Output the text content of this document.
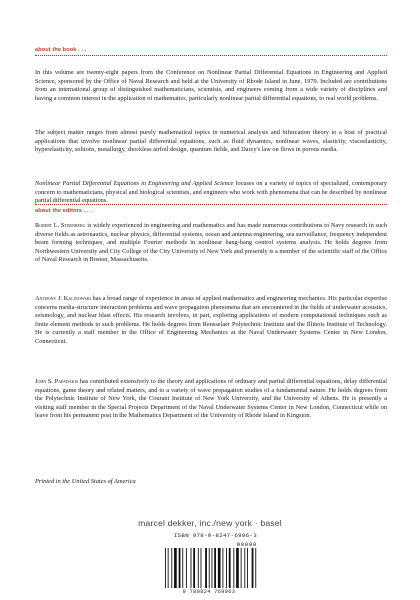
about the book . . .

In this volume are twenty-eight papers from the Conference on Nonlinear Partial Differential Equations in Engineering and Applied Science, sponsored by the Office of Naval Research and held at the University of Rhode Island in June, 1979. Included are contributions from an international group of distinguished mathematicians, scientists, and engineers coming from a wide variety of disciplines and having a common interest in the application of mathematics, particularly nonlinear partial differential equations, to real world problems.

The subject matter ranges from almost purely mathematical topics in numerical analysis and bifurcation theory to a host of practical applications that involve nonlinear partial differential equations, such as fluid dynamics, nonlinear waves, elasticity, viscoelasticity, hyperelasticity, solitons, metallurgy, shockless airfoil design, quantum fields, and Darcy's law on flows in porous media.

Nonlinear Partial Differential Equations in Engineering and Applied Science focuses on a variety of topics of specialized, contemporary concern to mathematicians, physical and biological scientists, and engineers who work with phenomena that can be described by nonlinear partial differential equations.

about the editors . . .

Robert L. Sternberg is widely experienced in engineering and mathematics and has made numerous contributions to Navy research in such diverse fields as astronautics, nuclear physics, differential systems, ocean and antenna engineering, sea surveillance, frequency independent beam forming techniques, and multiple Fourier methods in nonlinear bang-bang control systems analysis. He holds degrees from Northwestern University and City College of the City University of New York and presently is a member of the scientific staff of the Office of Naval Research in Boston, Massachusetts.

Anthony J. Kalinowski has a broad range of experience in areas of applied mathematics and engineering mechanics. His particular expertise concerns media-structure interaction problems and wave propagation phenomena that are encountered in the fields of underwater acoustics, seismology, and nuclear blast effects. His research involves, in part, exploring applications of modern computational techniques such as finite element methods to such problems. He holds degrees from Rensselaer Polytechnic Institute and the Illinois Institute of Technology. He is currently a staff member in the Office of Engineering Mechanics at the Naval Underwater Systems Center in New London, Connecticut.

John S. Papadakis has contributed extensively to the theory and applications of ordinary and partial differential equations, delay differential equations, game theory and related matters, and to a variety of wave propagation studies of a fundamental nature. He holds degrees from the Polytechnic Institute of New York, the Courant Institute of New York University, and the University of Athens. He is presently a visiting staff member in the Special Projects Department of the Naval Underwater Systems Center in New London, Connecticut while on leave from his permanent post in the Mathematics Department of the University of Rhode Island in Kingston.

Printed in the United States of America
marcel dekker, inc./new york · basel
ISBN 978-0-8247-6996-3
90000
9 780824 769963
